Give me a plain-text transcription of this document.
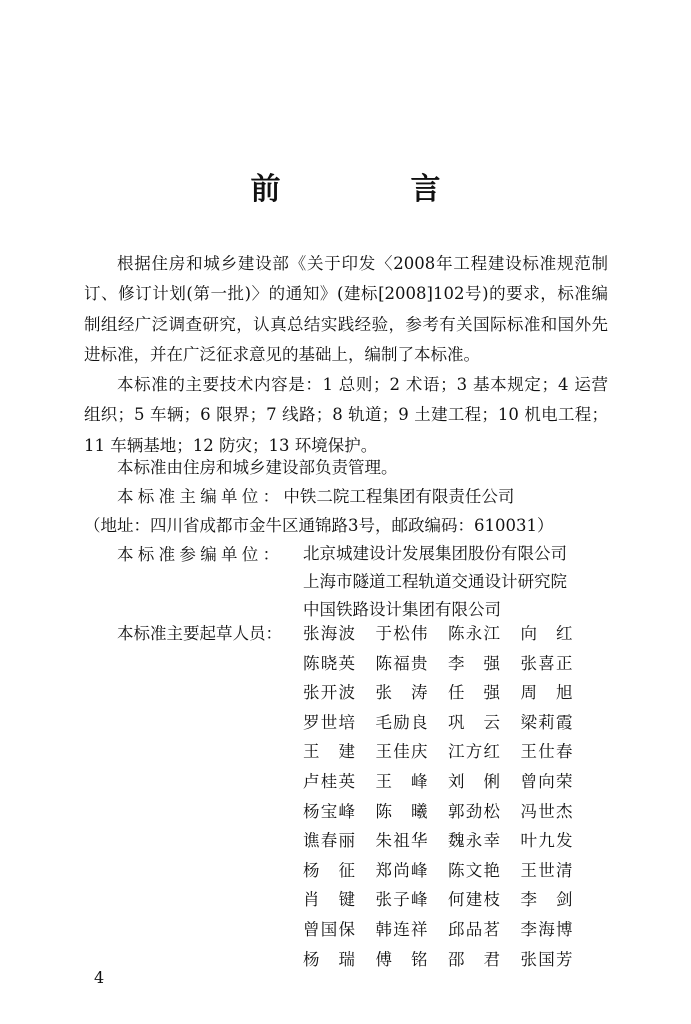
前　言

根据住房和城乡建设部《关于印发〈2008年工程建设标准规范制订、修订计划(第一批)〉的通知》(建标[2008]102号)的要求，标准编制组经广泛调查研究，认真总结实践经验，参考有关国际标准和国外先进标准，并在广泛征求意见的基础上，编制了本标准。

本标准的主要技术内容是：1 总则；2 术语；3 基本规定；4 运营组织；5 车辆；6 限界；7 线路；8 轨道；9 土建工程；10 机电工程；11 车辆基地；12 防灾；13 环境保护。

本标准由住房和城乡建设部负责管理。

本标准主编单位：中铁二院工程集团有限责任公司
（地址：四川省成都市金牛区通锦路3号，邮政编码：610031）
本标准参编单位： 北京城建设计发展集团股份有限公司
上海市隧道工程轨道交通设计研究院
中国铁路设计集团有限公司
本标准主要起草人员： 张 海 波 于 松 伟 陈 永 江 向 红
陈 晓 英 陈 福 贵 李 强 张 喜 正
张 开 波 张 涛 任 强 周 旭
罗 世 培 毛 励 良 巩 云 梁 莉 霞
王 建 王 佳 庆 江 方 红 王 仕 春
卢 桂 英 王 峰 刘 俐 曾 向 荣
杨 宝 峰 陈 曦 郭 劲 松 冯 世 杰
谯 春 丽 朱 祖 华 魏 永 幸 叶 九 发
杨 征 郑 尚 峰 陈 文 艳 王 世 清
肖 键 张 子 峰 何 建 枝 李 剑
曾 国 保 韩 连 祥 邱 品 茗 李 海 博
杨 瑞 傅 铭 邵 君 张 国 芳
4
